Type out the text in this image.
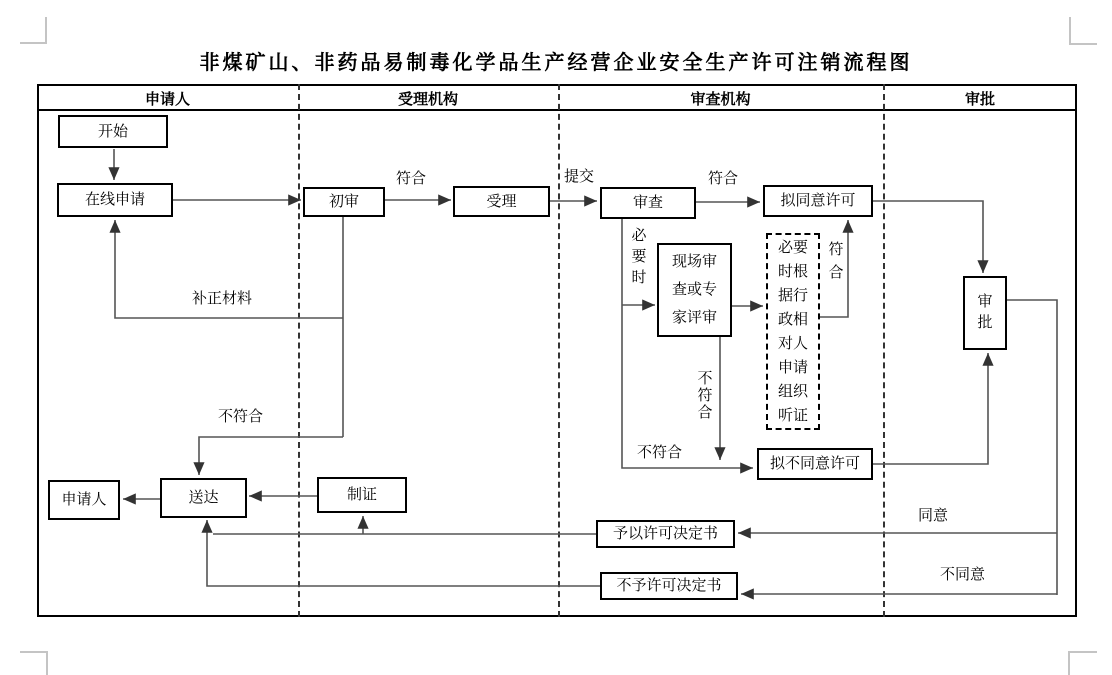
非煤矿山、非药品易制毒化学品生产经营企业安全生产许可注销流程图
申请人	受理机构	审查机构	审批
开始
在线申请	初审	受理	审查	拟同意许可
现场审查或专家评审
必要时根据行政相对人申请组织听证
审批
拟不同意许可
申请人	送达	制证
予以许可决定书
不予许可决定书
符合	提交	符合
必要时
符合
不符合
不符合
补正材料
不符合
同意
不同意
